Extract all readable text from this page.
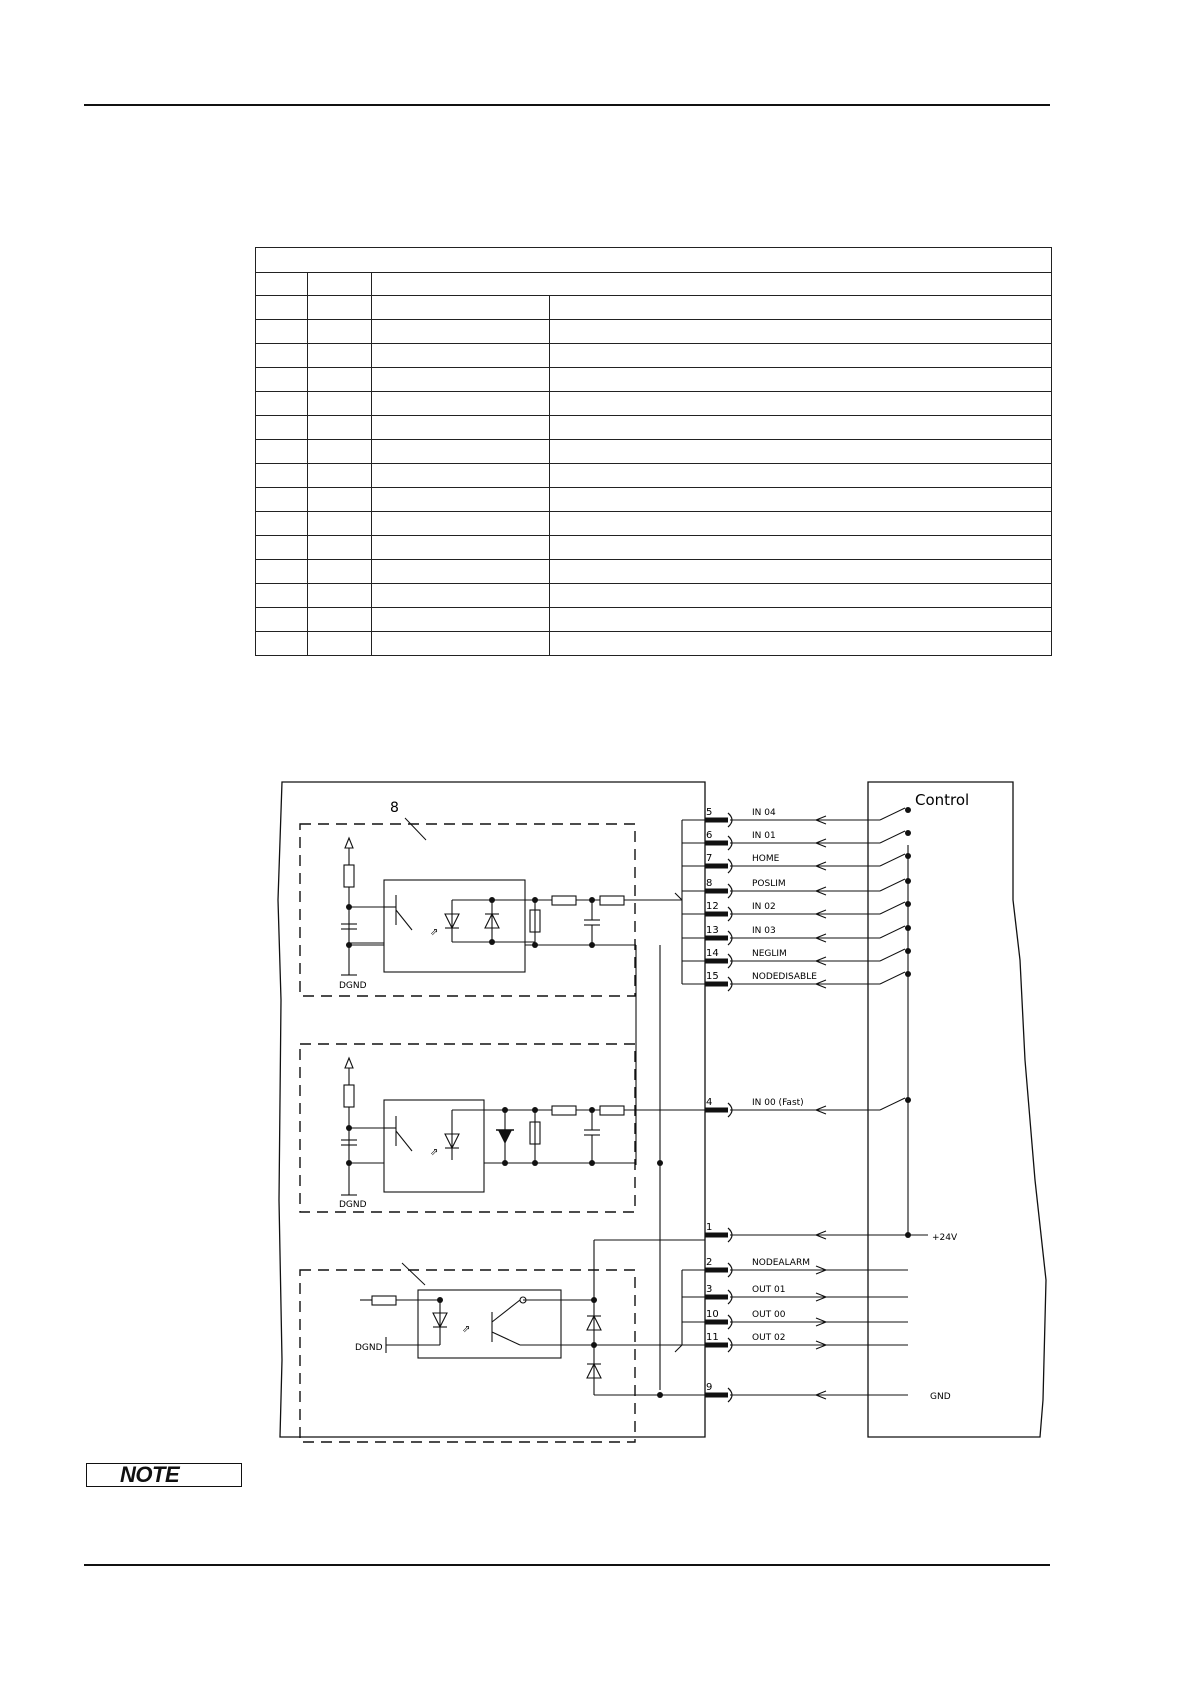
8	Control
⇗
DGND
⇗
DGND
⇗
DGND
5	IN 04
6	IN 01
7	HOME
8	POSLIM
12	IN 02
13	IN 03
14	NEGLIM
15	NODEDISABLE
4	IN 00 (Fast)
1
2	NODEALARM
3	OUT 01
10	OUT 00
11	OUT 02
9
+24V
GND
NOTE
